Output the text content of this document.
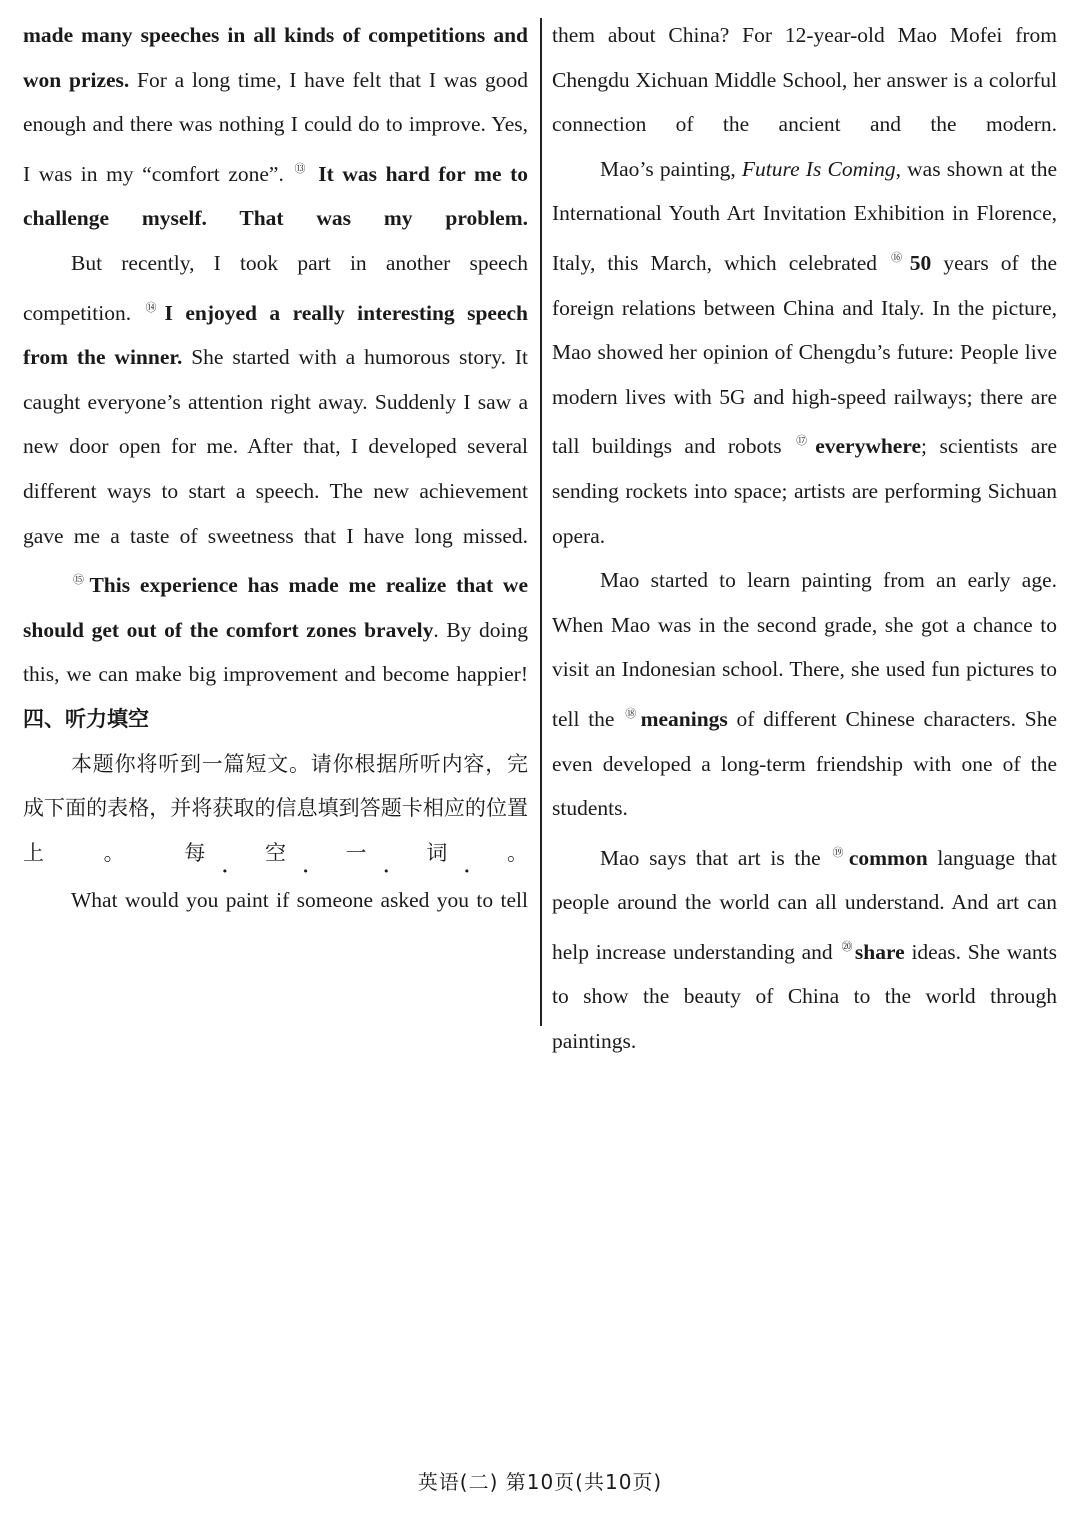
made many speeches in all kinds of competitions and won prizes. For a long time, I have felt that I was good enough and there was nothing I could do to improve. Yes, I was in my “comfort zone”. ⑬ It was hard for me to challenge myself. That was my problem.

But recently, I took part in another speech competition. ⑭I enjoyed a really interesting speech from the winner. She started with a humorous story. It caught everyone’s attention right away. Suddenly I saw a new door open for me. After that, I developed several different ways to start a speech. The new achievement gave me a taste of sweetness that I have long missed.

⑮This experience has made me realize that we should get out of the comfort zones bravely. By doing this, we can make big improvement and become happier!

四、听力填空

本题你将听到一篇短文。请你根据所听内容，完成下面的表格，并将获取的信息填到答题卡相应的位置上。每空一词。

What would you paint if someone asked you to tell

them about China? For 12-year-old Mao Mofei from Chengdu Xichuan Middle School, her answer is a colorful connection of the ancient and the modern.

Mao’s painting, Future Is Coming, was shown at the International Youth Art Invitation Exhibition in Florence, Italy, this March, which celebrated ⑯50 years of the foreign relations between China and Italy. In the picture, Mao showed her opinion of Chengdu’s future: People live modern lives with 5G and high-speed railways; there are tall buildings and robots ⑰everywhere; scientists are sending rockets into space; artists are performing Sichuan opera.

Mao started to learn painting from an early age. When Mao was in the second grade, she got a chance to visit an Indonesian school. There, she used fun pictures to tell the ⑱meanings of different Chinese characters. She even developed a long-term friendship with one of the students.

Mao says that art is the ⑲common language that people around the world can all understand. And art can help increase understanding and ⑳share ideas. She wants to show the beauty of China to the world through paintings.

英语(二) 第10页(共10页)
